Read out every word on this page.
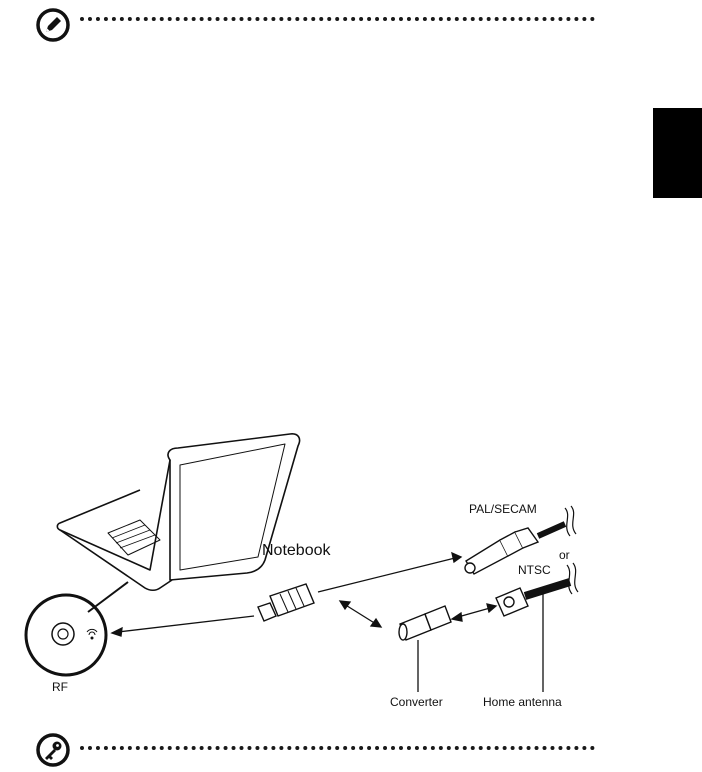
Notebook
PAL/SECAM
or
NTSC
RF
Converter	Home antenna
